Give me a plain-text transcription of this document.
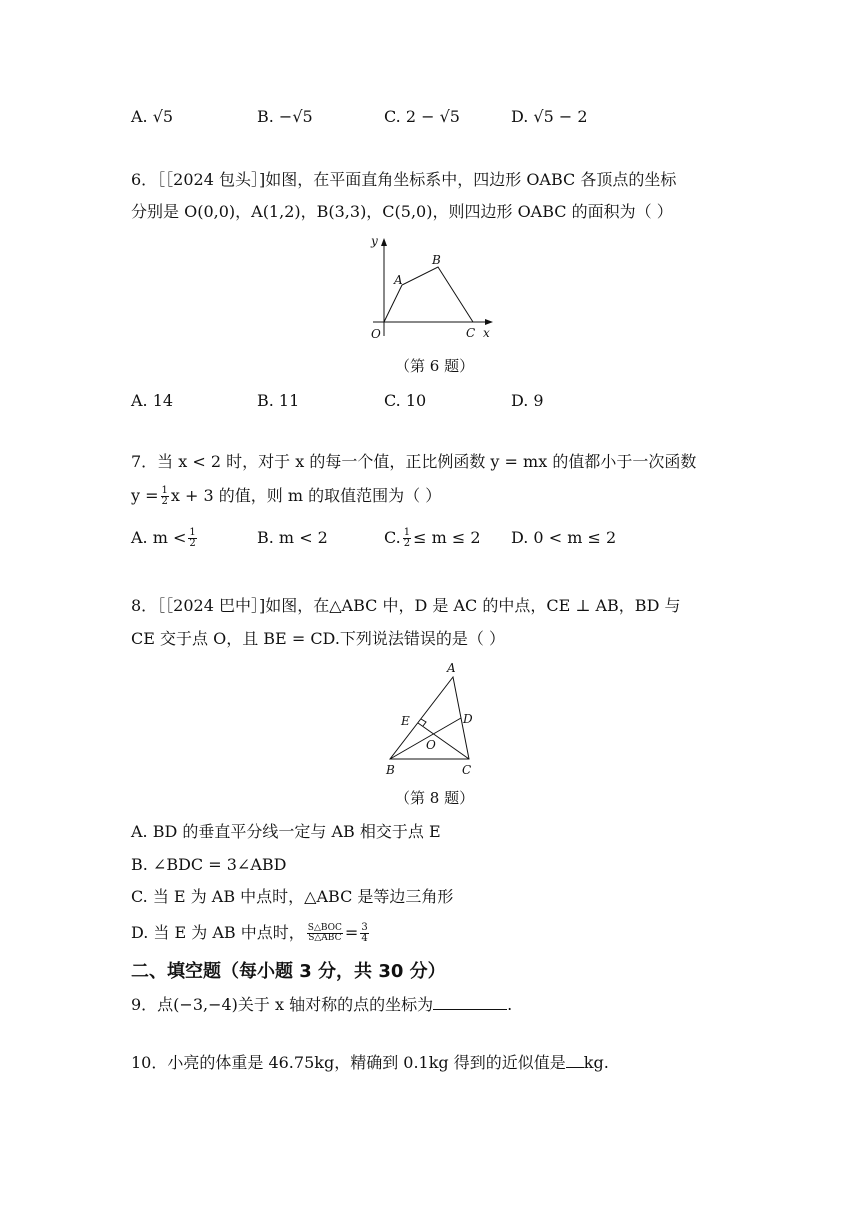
A. √5	B. −√5	C. 2 − √5	D. √5 − 2
6．［［2024 包头］]如图，在平面直角坐标系中，四边形 OABC 各顶点的坐标
分别是 O(0,0)，A(1,2)，B(3,3)，C(5,0)，则四边形 OABC 的面积为（ ）
y
x
O
A
B
C
（第 6 题）
A. 14	B. 11	C. 10	D. 9
7．当 x < 2 时，对于 x 的每一个值，正比例函数 y = mx 的值都小于一次函数
$y = \frac{1}{2}$ x + 3 的值，则 m 的取值范围为（ ）
A. $m < \frac{1}{2}$	B. m < 2	C. $\frac{1}{2} \le m \le 2$ D. 0 < m ≤ 2
8．［［2024 巴中］]如图，在△ABC 中，D 是 AC 的中点，CE ⊥ AB，BD 与
CE 交于点 O，且 BE = CD.下列说法错误的是（ ）
A
E	D
O
B	C
（第 8 题）
A. BD 的垂直平分线一定与 AB 相交于点 E
B. ∠BDC = 3∠ABD
C. 当 E 为 AB 中点时，△ABC 是等边三角形
D. 当 E 为 AB 中点时， $\frac{\text{S△BOC}}{\text{S△ABC}} = \frac{3}{4}$
二、填空题（每小题 3 分，共 30 分）
9．点(−3,−4)关于 x 轴对称的点的坐标为	.
10．小亮的体重是 46.75kg，精确到 0.1kg 得到的近似值是 kg.
